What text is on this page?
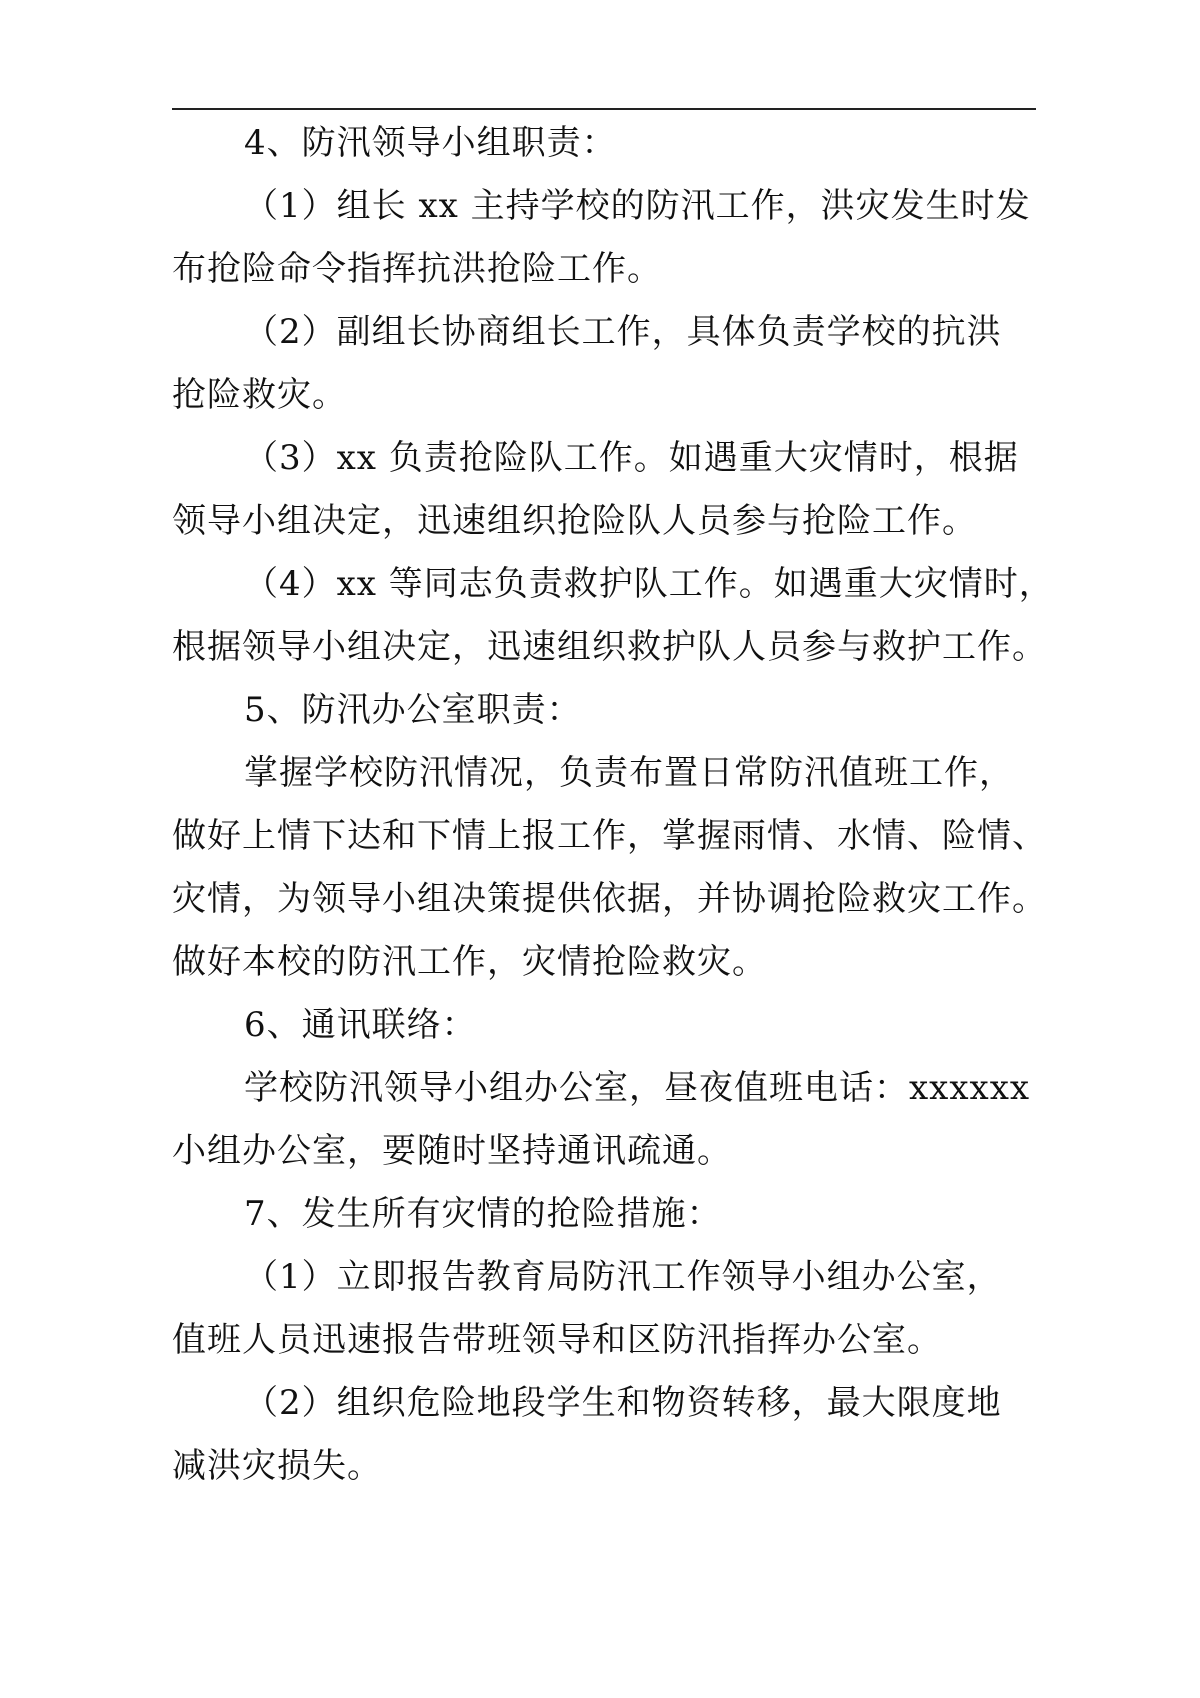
4、防汛领导小组职责：

（1）组长 xx 主持学校的防汛工作，洪灾发生时发

布抢险命令指挥抗洪抢险工作。

（2）副组长协商组长工作，具体负责学校的抗洪

抢险救灾。

（3）xx 负责抢险队工作。如遇重大灾情时，根据

领导小组决定，迅速组织抢险队人员参与抢险工作。

（4）xx 等同志负责救护队工作。如遇重大灾情时，

根据领导小组决定，迅速组织救护队人员参与救护工作。

5、防汛办公室职责：

掌握学校防汛情况，负责布置日常防汛值班工作，

做好上情下达和下情上报工作，掌握雨情、水情、险情、

灾情，为领导小组决策提供依据，并协调抢险救灾工作。

做好本校的防汛工作，灾情抢险救灾。

6、通讯联络：

学校防汛领导小组办公室，昼夜值班电话：xxxxxx

小组办公室，要随时坚持通讯疏通。

7、发生所有灾情的抢险措施：

（1）立即报告教育局防汛工作领导小组办公室，

值班人员迅速报告带班领导和区防汛指挥办公室。

（2）组织危险地段学生和物资转移，最大限度地

减洪灾损失。
